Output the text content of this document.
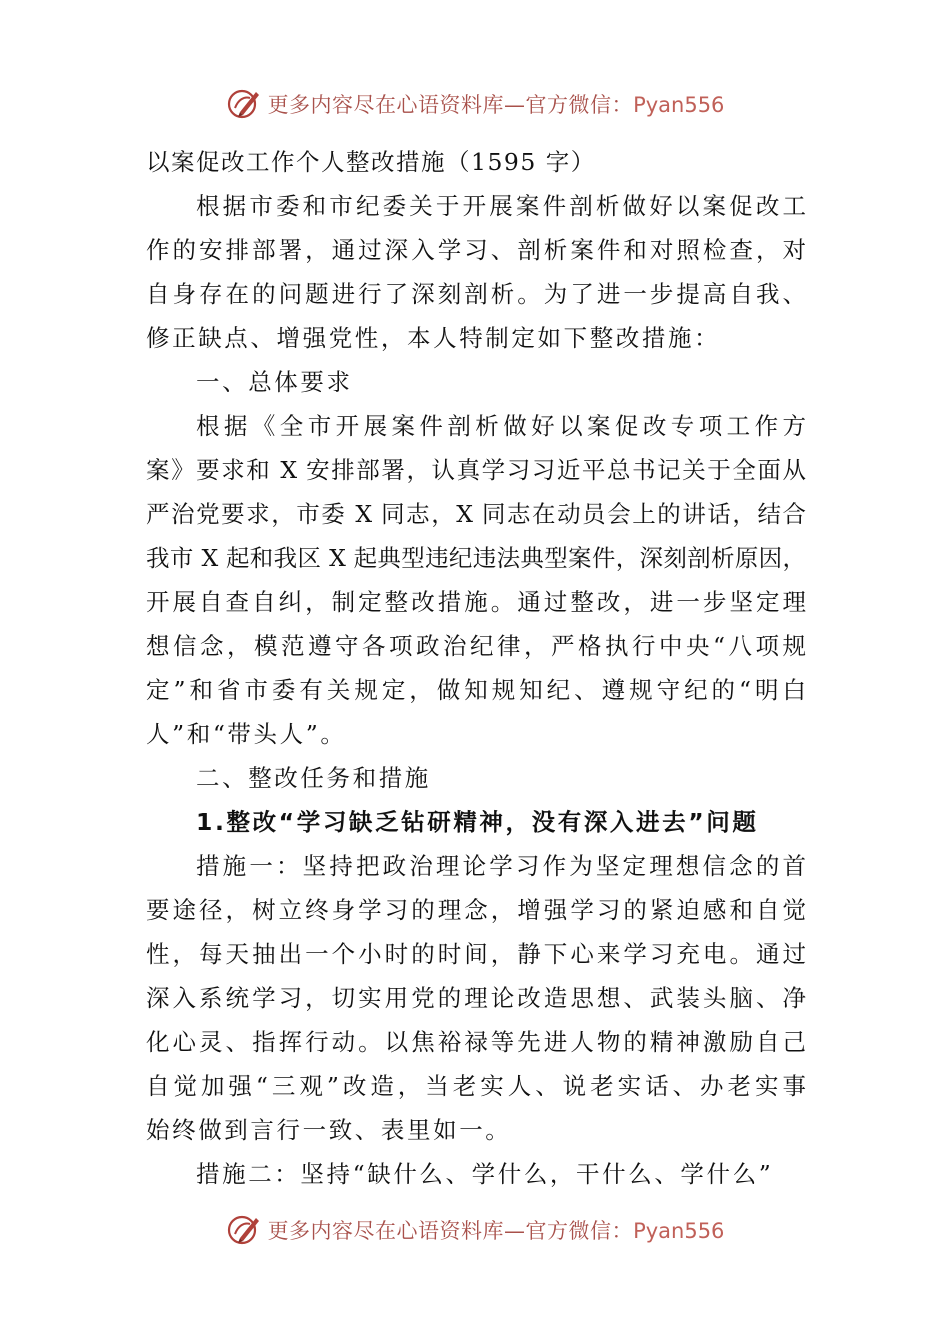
更多内容尽在心语资料库—官方微信：Pyan556
以案促改工作个人整改措施（1595 字）
根据市委和市纪委关于开展案件剖析做好以案促改工
作的安排部署，通过深入学习、剖析案件和对照检查，对
自身存在的问题进行了深刻剖析。为了进一步提高自我、
修正缺点、增强党性，本人特制定如下整改措施：
一、总体要求
根据《全市开展案件剖析做好以案促改专项工作方
案》要求和 X 安排部署，认真学习习近平总书记关于全面从
严治党要求，市委 X 同志，X 同志在动员会上的讲话，结合
我市 X 起和我区 X 起典型违纪违法典型案件，深刻剖析原因，
开展自查自纠，制定整改措施。通过整改，进一步坚定理
想信念，模范遵守各项政治纪律，严格执行中央“八项规
定”和省市委有关规定，做知规知纪、遵规守纪的“明白
人”和“带头人”。
二、整改任务和措施
1.整改“学习缺乏钻研精神，没有深入进去”问题
措施一：坚持把政治理论学习作为坚定理想信念的首
要途径，树立终身学习的理念，增强学习的紧迫感和自觉
性，每天抽出一个小时的时间，静下心来学习充电。通过
深入系统学习，切实用党的理论改造思想、武装头脑、净
化心灵、指挥行动。以焦裕禄等先进人物的精神激励自己
自觉加强“三观”改造，当老实人、说老实话、办老实事
始终做到言行一致、表里如一。
措施二：坚持“缺什么、学什么，干什么、学什么”
更多内容尽在心语资料库—官方微信：Pyan556
